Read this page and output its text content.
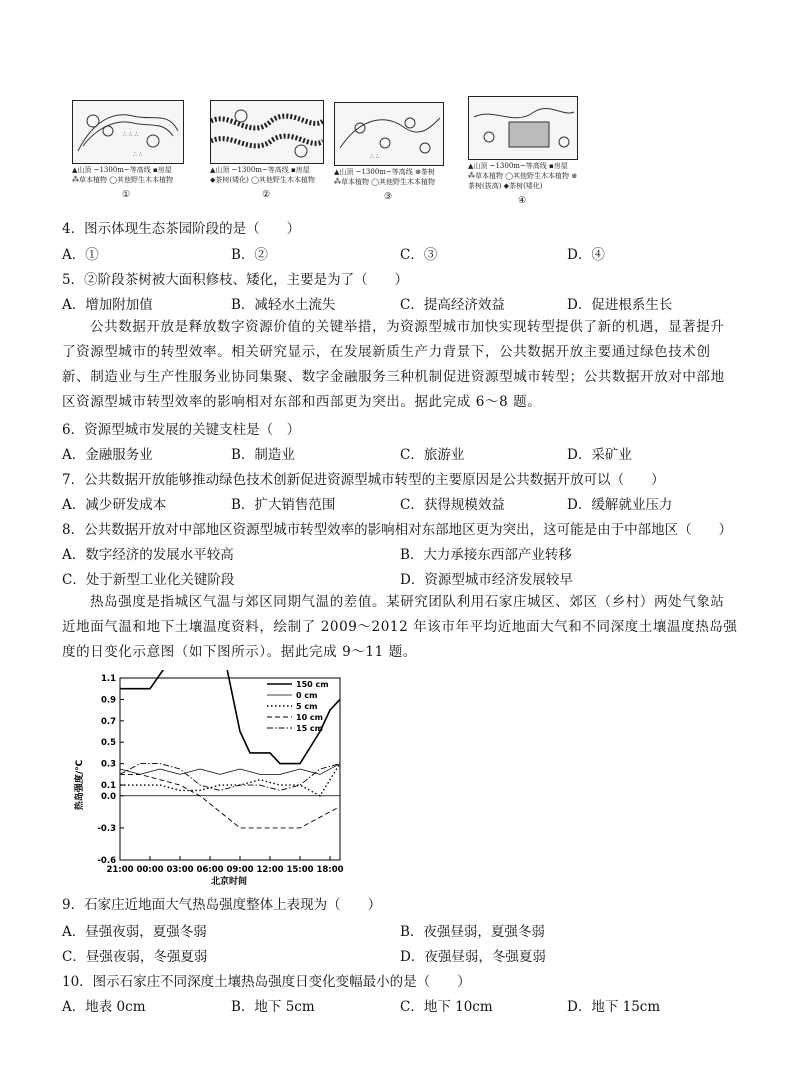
∴ ∴ ∴
∴ ∴
▲山顶 ~1300m~等高线 ▪房屋
⁂草本植物 ◯其他野生木本植物
①
▲山顶 ~1300m~等高线 ▪房屋
◆茶树(矮化) ◯其他野生木本植物
②
∴ ∴
▲山顶 ~1300m~等高线 ⊛茶树
⁂草本植物 ◯其他野生木本植物
③
▲山顶 ~1300m~等高线 ▪房屋
⁂草本植物 ◯其他野生木本植物 ⊛茶树(拔高) ◆茶树(矮化)
④
4．图示体现生态茶园阶段的是（　　）
A．①	B．②	C．③	D．④
5．②阶段茶树被大面积修枝、矮化，主要是为了（　　）
A．增加附加值	B．减轻水土流失	C．提高经济效益	D．促进根系生长
公共数据开放是释放数字资源价值的关键举措，为资源型城市加快实现转型提供了新的机遇，显著提升了资源型城市的转型效率。相关研究显示，在发展新质生产力背景下，公共数据开放主要通过绿色技术创新、制造业与生产性服务业协同集聚、数字金融服务三种机制促进资源型城市转型；公共数据开放对中部地区资源型城市转型效率的影响相对东部和西部更为突出。据此完成 6～8 题。
6．资源型城市发展的关键支柱是（　）
A．金融服务业	B．制造业	C．旅游业	D．采矿业
7．公共数据开放能够推动绿色技术创新促进资源型城市转型的主要原因是公共数据开放可以（　　）
A．减少研发成本	B．扩大销售范围	C．获得规模效益	D．缓解就业压力
8．公共数据开放对中部地区资源型城市转型效率的影响相对东部地区更为突出，这可能是由于中部地区（　　）
A．数字经济的发展水平较高	B．大力承接东西部产业转移
C．处于新型工业化关键阶段	D．资源型城市经济发展较早
热岛强度是指城区气温与郊区同期气温的差值。某研究团队利用石家庄城区、郊区（乡村）两处气象站近地面气温和地下土壤温度资料，绘制了 2009～2012 年该市年平均近地面大气和不同深度土壤温度热岛强度的日变化示意图（如下图所示）。据此完成 9～11 题。
1.1
0.9
0.7
0.5
0.3
0.1
0.0
-0.3
-0.6
21:00 00:00 03:00 06:00 09:00 12:00 15:00 18:00
150 cm
0 cm
5 cm
10 cm
15 cm
热岛强度/℃
北京时间
9．石家庄近地面大气热岛强度整体上表现为（　　）
A．昼强夜弱，夏强冬弱	B．夜强昼弱，夏强冬弱
C．昼强夜弱，冬强夏弱	D．夜强昼弱，冬强夏弱
10．图示石家庄不同深度土壤热岛强度日变化变幅最小的是（　　）
A．地表 0cm	B．地下 5cm	C．地下 10cm	D．地下 15cm
